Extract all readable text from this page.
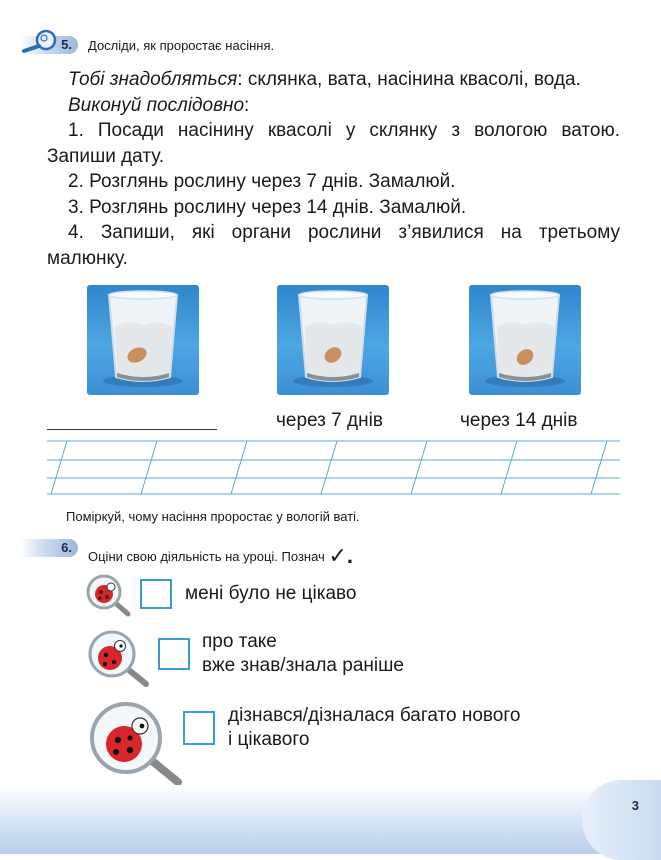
5. Досліди, як проростає насіння.

Тобі знадобляться: склянка, вата, насінина квасолі, вода.

Виконуй послідовно:

1. Посади насінину квасолі у склянку з вологою ватою. Запиши дату.

2. Розглянь рослину через 7 днів. Замалюй.

3. Розглянь рослину через 14 днів. Замалюй.

4. Запиши, які органи рослини з’явилися на третьому малюнку.

через 7 днів	через 14 днів
Поміркуй, чому насіння проростає у вологій ваті.
6.
Оціни свою діяльність на уроці. Познач ✓.
мені було не цікаво
про таке
вже знав/знала раніше
дізнався/дізналася багато нового
і цікавого
3
